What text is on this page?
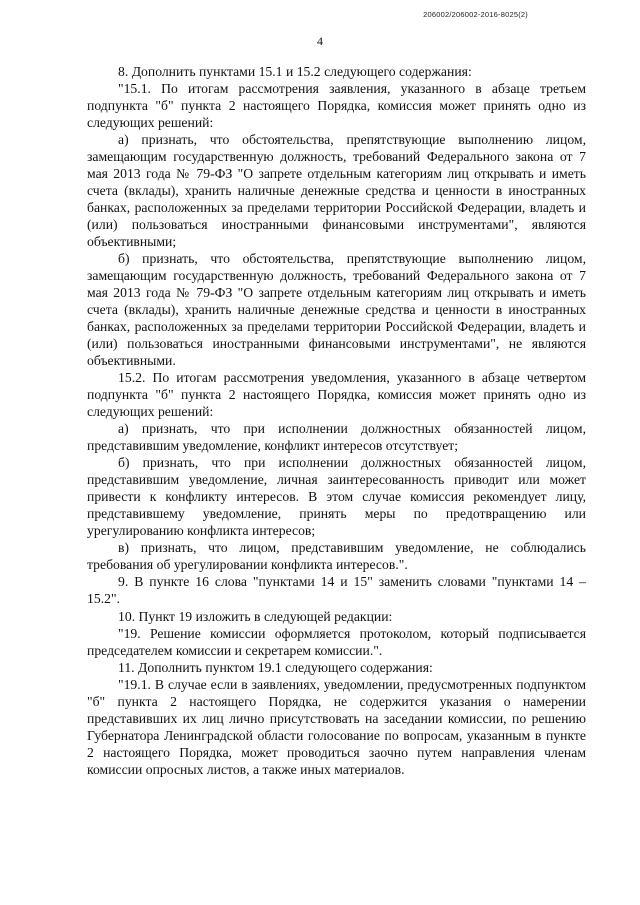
206002/206002-2016-8025(2)
4

8. Дополнить пунктами 15.1 и 15.2 следующего содержания:

"15.1. По итогам рассмотрения заявления, указанного в абзаце третьем подпункта "б" пункта 2 настоящего Порядка, комиссия может принять одно из следующих решений:

а) признать, что обстоятельства, препятствующие выполнению лицом, замещающим государственную должность, требований Федерального закона от 7 мая 2013 года № 79-ФЗ "О запрете отдельным категориям лиц открывать и иметь счета (вклады), хранить наличные денежные средства и ценности в иностранных банках, расположенных за пределами территории Российской Федерации, владеть и (или) пользоваться иностранными финансовыми инструментами", являются объективными;

б) признать, что обстоятельства, препятствующие выполнению лицом, замещающим государственную должность, требований Федерального закона от 7 мая 2013 года № 79-ФЗ "О запрете отдельным категориям лиц открывать и иметь счета (вклады), хранить наличные денежные средства и ценности в иностранных банках, расположенных за пределами территории Российской Федерации, владеть и (или) пользоваться иностранными финансовыми инструментами", не являются объективными.

15.2. По итогам рассмотрения уведомления, указанного в абзаце четвертом подпункта "б" пункта 2 настоящего Порядка, комиссия может принять одно из следующих решений:

а) признать, что при исполнении должностных обязанностей лицом, представившим уведомление, конфликт интересов отсутствует;

б) признать, что при исполнении должностных обязанностей лицом, представившим уведомление, личная заинтересованность приводит или может привести к конфликту интересов. В этом случае комиссия рекомендует лицу, представившему уведомление, принять меры по предотвращению или урегулированию конфликта интересов;

в) признать, что лицом, представившим уведомление, не соблюдались требования об урегулировании конфликта интересов.".

9. В пункте 16 слова "пунктами 14 и 15" заменить словами "пунктами 14 – 15.2".

10. Пункт 19 изложить в следующей редакции:

"19. Решение комиссии оформляется протоколом, который подписывается председателем комиссии и секретарем комиссии.".

11. Дополнить пунктом 19.1 следующего содержания:

"19.1. В случае если в заявлениях, уведомлении, предусмотренных подпунктом "б" пункта 2 настоящего Порядка, не содержится указания о намерении представивших их лиц лично присутствовать на заседании комиссии, по решению Губернатора Ленинградской области голосование по вопросам, указанным в пункте 2 настоящего Порядка, может проводиться заочно путем направления членам комиссии опросных листов, а также иных материалов.
